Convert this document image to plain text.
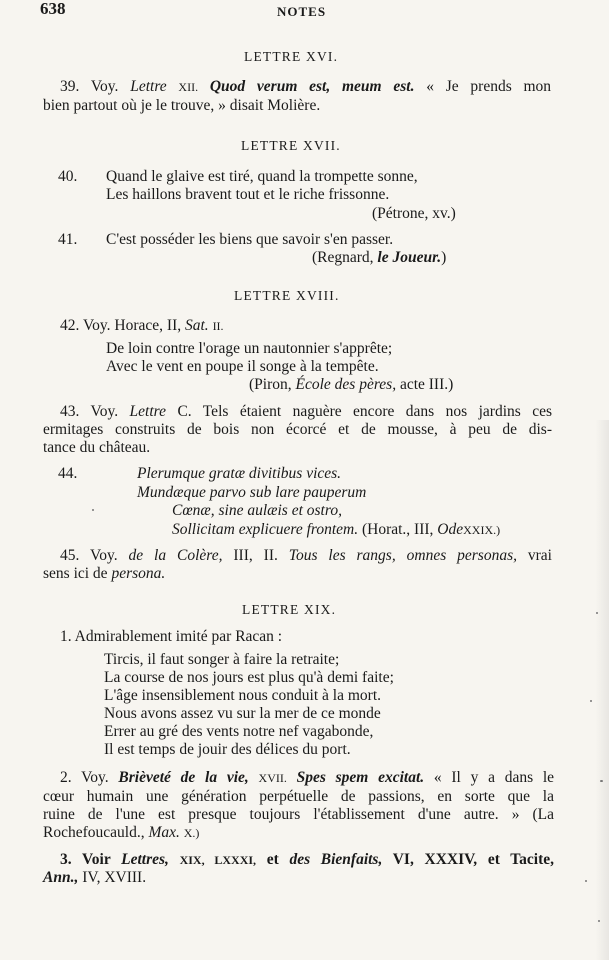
638	NOTES
LETTRE XVI.
39. Voy. Lettre XII. Quod verum est, meum est. « Je prends mon
bien partout où je le trouve, » disait Molière.
LETTRE XVII.
40. Quand le glaive est tiré, quand la trompette sonne,
Les haillons bravent tout et le riche frissonne.
(Pétrone, xv.)
41. C'est posséder les biens que savoir s'en passer.
(Regnard, le Joueur.)
LETTRE XVIII.
42. Voy. Horace, II, Sat. II.
De loin contre l'orage un nautonnier s'apprête;
Avec le vent en poupe il songe à la tempête.
(Piron, École des pères, acte III.)
43. Voy. Lettre C. Tels étaient naguère encore dans nos jardins ces
ermitages construits de bois non écorcé et de mousse, à peu de dis-
tance du château.
44.	Plerumque gratæ divitibus vices.
Mundæque parvo sub lare pauperum
Cœnæ, sine aulæis et ostro,
Sollicitam explicuere frontem. (Horat., III, OdeXXIX.)
45. Voy. de la Colère, III, II. Tous les rangs, omnes personas, vrai
sens ici de persona.
LETTRE XIX.
1. Admirablement imité par Racan :
Tircis, il faut songer à faire la retraite;
La course de nos jours est plus qu'à demi faite;
L'âge insensiblement nous conduit à la mort.
Nous avons assez vu sur la mer de ce monde
Errer au gré des vents notre nef vagabonde,
Il est temps de jouir des délices du port.
2. Voy. Brièveté de la vie, XVII. Spes spem excitat. « Il y a dans le
cœur humain une génération perpétuelle de passions, en sorte que la
ruine de l'une est presque toujours l'établissement d'une autre. » (La
Rochefoucauld., Max. X.)
3. Voir Lettres, XIX, LXXXI, et des Bienfaits, VI, XXXIV, et Tacite,
Ann., IV, XVIII.
